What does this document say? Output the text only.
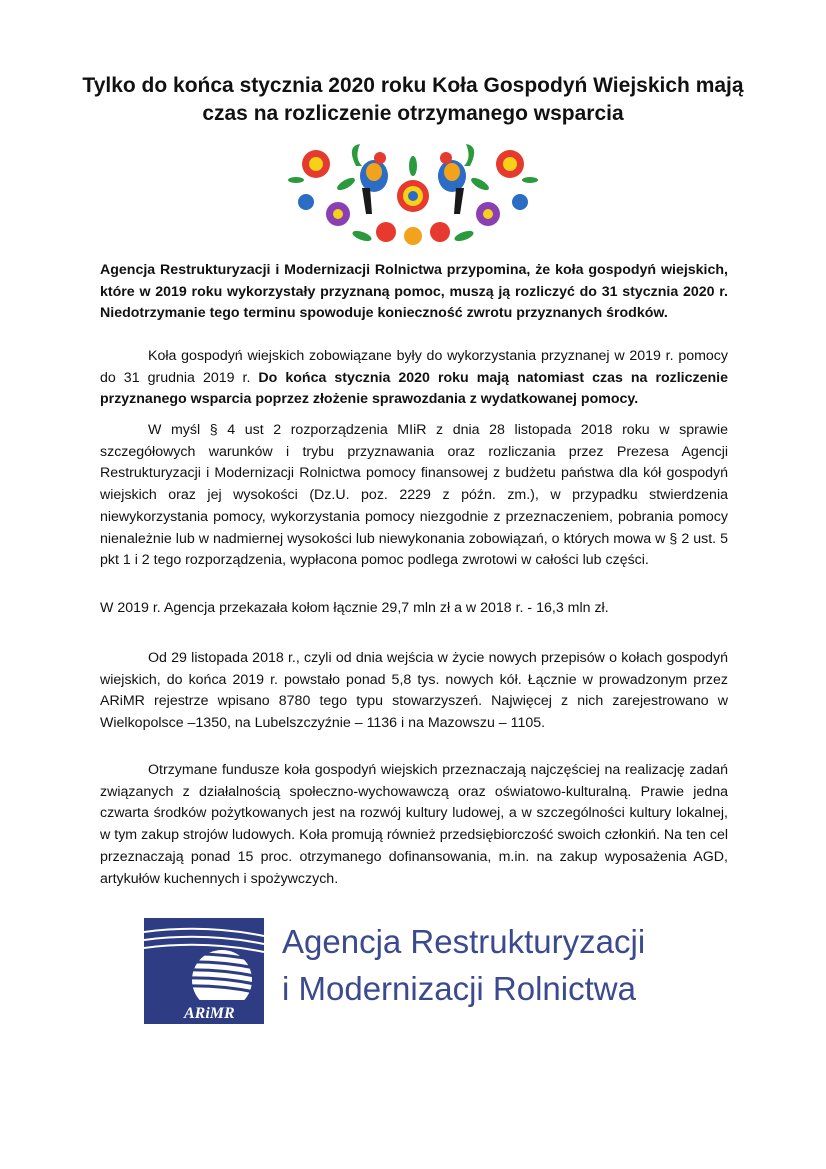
Tylko do końca stycznia 2020 roku Koła Gospodyń Wiejskich mają czas na rozliczenie otrzymanego wsparcia
Agencja Restrukturyzacji i Modernizacji Rolnictwa przypomina, że koła gospodyń wiejskich, które w 2019 roku wykorzystały przyznaną pomoc, muszą ją rozliczyć do 31 stycznia 2020 r. Niedotrzymanie tego terminu spowoduje konieczność zwrotu przyznanych środków.
Koła gospodyń wiejskich zobowiązane były do wykorzystania przyznanej w 2019 r. pomocy do 31 grudnia 2019 r. Do końca stycznia 2020 roku mają natomiast czas na rozliczenie przyznanego wsparcia poprzez złożenie sprawozdania z wydatkowanej pomocy.
W myśl § 4 ust 2 rozporządzenia MIiR z dnia 28 listopada 2018 roku w sprawie szczegółowych warunków i trybu przyznawania oraz rozliczania przez Prezesa Agencji Restrukturyzacji i Modernizacji Rolnictwa pomocy finansowej z budżetu państwa dla kół gospodyń wiejskich oraz jej wysokości (Dz.U. poz. 2229 z późn. zm.), w przypadku stwierdzenia niewykorzystania pomocy, wykorzystania pomocy niezgodnie z przeznaczeniem, pobrania pomocy nienależnie lub w nadmiernej wysokości lub niewykonania zobowiązań, o których mowa w § 2 ust. 5 pkt 1 i 2 tego rozporządzenia, wypłacona pomoc podlega zwrotowi w całości lub części.
W 2019 r. Agencja przekazała kołom łącznie 29,7 mln zł a w 2018 r. - 16,3 mln zł.
Od 29 listopada 2018 r., czyli od dnia wejścia w życie nowych przepisów o kołach gospodyń wiejskich, do końca 2019 r. powstało ponad 5,8 tys. nowych kół. Łącznie w prowadzonym przez ARiMR rejestrze wpisano 8780 tego typu stowarzyszeń. Najwięcej z nich zarejestrowano w Wielkopolsce –1350, na Lubelszczyźnie – 1136 i na Mazowszu – 1105.
Otrzymane fundusze koła gospodyń wiejskich przeznaczają najczęściej na realizację zadań związanych z działalnością społeczno-wychowawczą oraz oświatowo-kulturalną. Prawie jedna czwarta środków pożytkowanych jest na rozwój kultury ludowej, a w szczególności kultury lokalnej, w tym zakup strojów ludowych. Koła promują również przedsiębiorczość swoich członkiń. Na ten cel przeznaczają ponad 15 proc. otrzymanego dofinansowania, m.in. na zakup wyposażenia AGD, artykułów kuchennych i spożywczych.
ARiMR
Agencja Restrukturyzacji
i Modernizacji Rolnictwa
